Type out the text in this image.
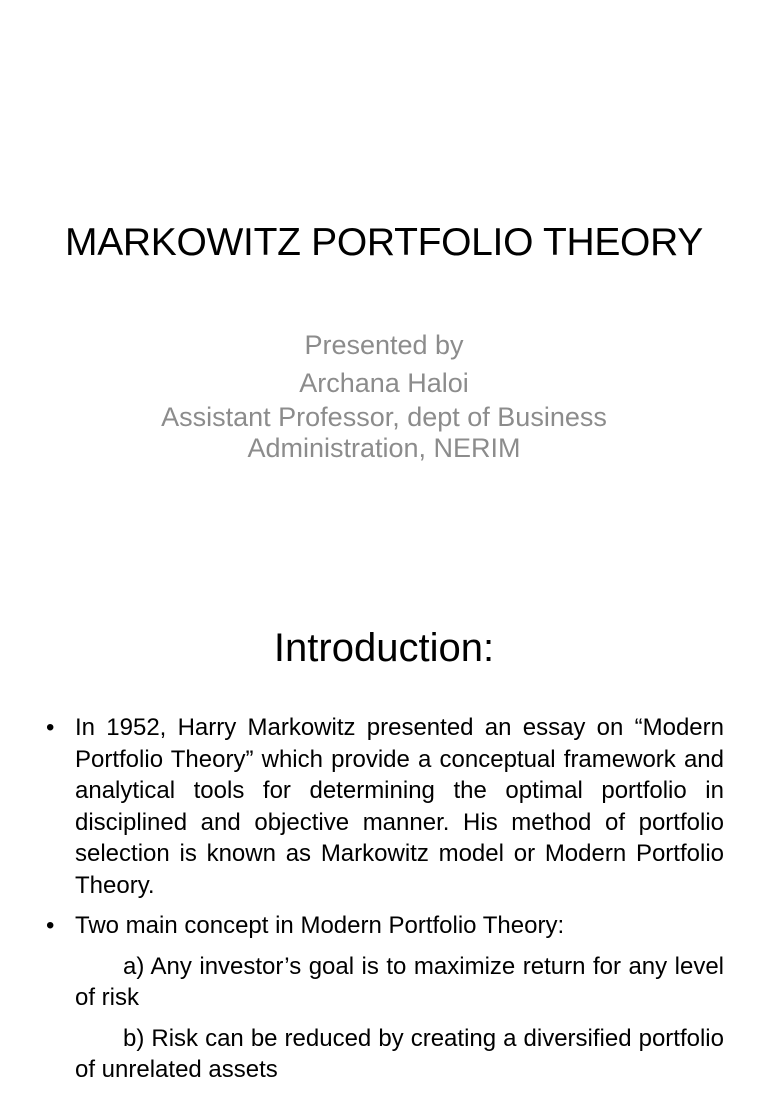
MARKOWITZ PORTFOLIO THEORY
Presented by
Archana Haloi
Assistant Professor, dept of Business
Administration, NERIM
Introduction:
• In 1952, Harry Markowitz presented an essay on “Modern Portfolio Theory” which provide a conceptual framework and analytical tools for determining the optimal portfolio in disciplined and objective manner. His method of portfolio selection is known as Markowitz model or Modern Portfolio Theory.
• Two main concept in Modern Portfolio Theory:
a) Any investor’s goal is to maximize return for any level of risk
b) Risk can be reduced by creating a diversified portfolio of unrelated assets
